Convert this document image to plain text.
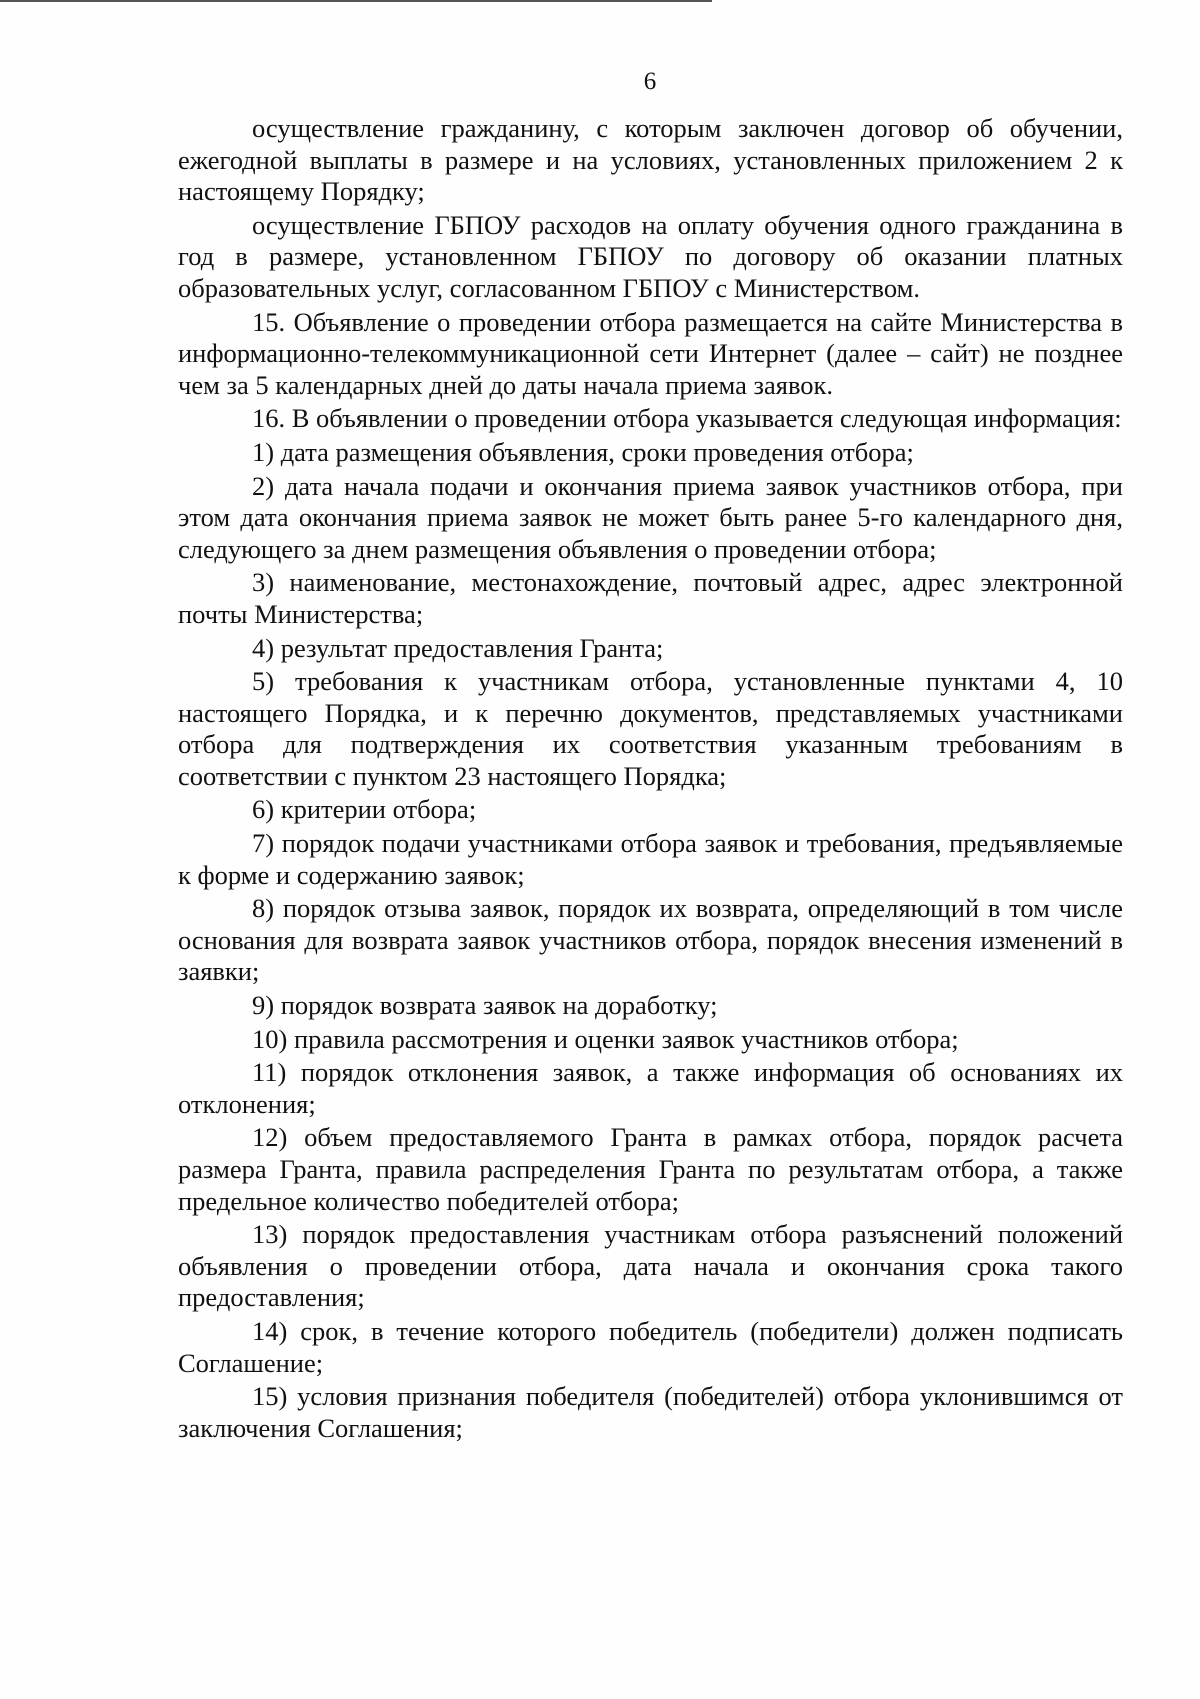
6

осуществление гражданину, с которым заключен договор об обучении, ежегодной выплаты в размере и на условиях, установленных приложением 2 к настоящему Порядку;

осуществление ГБПОУ расходов на оплату обучения одного гражданина в год в размере, установленном ГБПОУ по договору об оказании платных образовательных услуг, согласованном ГБПОУ с Министерством.

15. Объявление о проведении отбора размещается на сайте Министерства в информационно-телекоммуникационной сети Интернет (далее – сайт) не позднее чем за 5 календарных дней до даты начала приема заявок.

16. В объявлении о проведении отбора указывается следующая информация:

1) дата размещения объявления, сроки проведения отбора;

2) дата начала подачи и окончания приема заявок участников отбора, при этом дата окончания приема заявок не может быть ранее 5-го календарного дня, следующего за днем размещения объявления о проведении отбора;

3) наименование, местонахождение, почтовый адрес, адрес электронной почты Министерства;

4) результат предоставления Гранта;

5) требования к участникам отбора, установленные пунктами 4, 10 настоящего Порядка, и к перечню документов, представляемых участниками отбора для подтверждения их соответствия указанным требованиям в соответствии с пунктом 23 настоящего Порядка;

6) критерии отбора;

7) порядок подачи участниками отбора заявок и требования, предъявляемые к форме и содержанию заявок;

8) порядок отзыва заявок, порядок их возврата, определяющий в том числе основания для возврата заявок участников отбора, порядок внесения изменений в заявки;

9) порядок возврата заявок на доработку;

10) правила рассмотрения и оценки заявок участников отбора;

11) порядок отклонения заявок, а также информация об основаниях их отклонения;

12) объем предоставляемого Гранта в рамках отбора, порядок расчета размера Гранта, правила распределения Гранта по результатам отбора, а также предельное количество победителей отбора;

13) порядок предоставления участникам отбора разъяснений положений объявления о проведении отбора, дата начала и окончания срока такого предоставления;

14) срок, в течение которого победитель (победители) должен подписать Соглашение;

15) условия признания победителя (победителей) отбора уклонившимся от заключения Соглашения;
